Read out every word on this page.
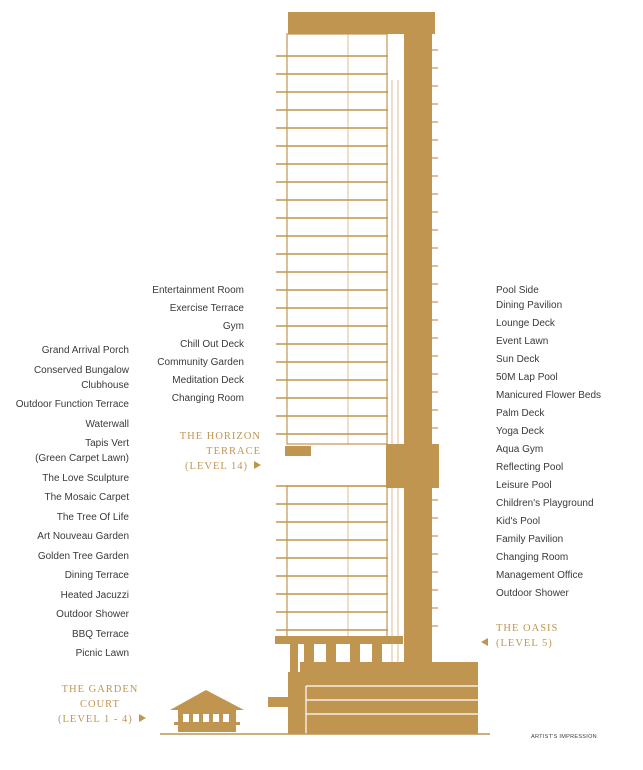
Entertainment Room
Exercise Terrace
Gym
Chill Out Deck
Community Garden
Meditation Deck
Changing Room
Grand Arrival Porch
Conserved Bungalow
Clubhouse
Outdoor Function Terrace
Waterwall
Tapis Vert
(Green Carpet Lawn)
The Love Sculpture
The Mosaic Carpet
The Tree Of Life
Art Nouveau Garden
Golden Tree Garden
Dining Terrace
Heated Jacuzzi
Outdoor Shower
BBQ Terrace
Picnic Lawn
Pool Side
Dining Pavilion
Lounge Deck
Event Lawn
Sun Deck
50M Lap Pool
Manicured Flower Beds
Palm Deck
Yoga Deck
Aqua Gym
Reflecting Pool
Leisure Pool
Children's Playground
Kid's Pool
Family Pavilion
Changing Room
Management Office
Outdoor Shower
THE HORIZON
TERRACE
(LEVEL 14)
THE OASIS
(LEVEL 5)
THE GARDEN
COURT
(LEVEL 1 - 4)
ARTIST'S IMPRESSION
